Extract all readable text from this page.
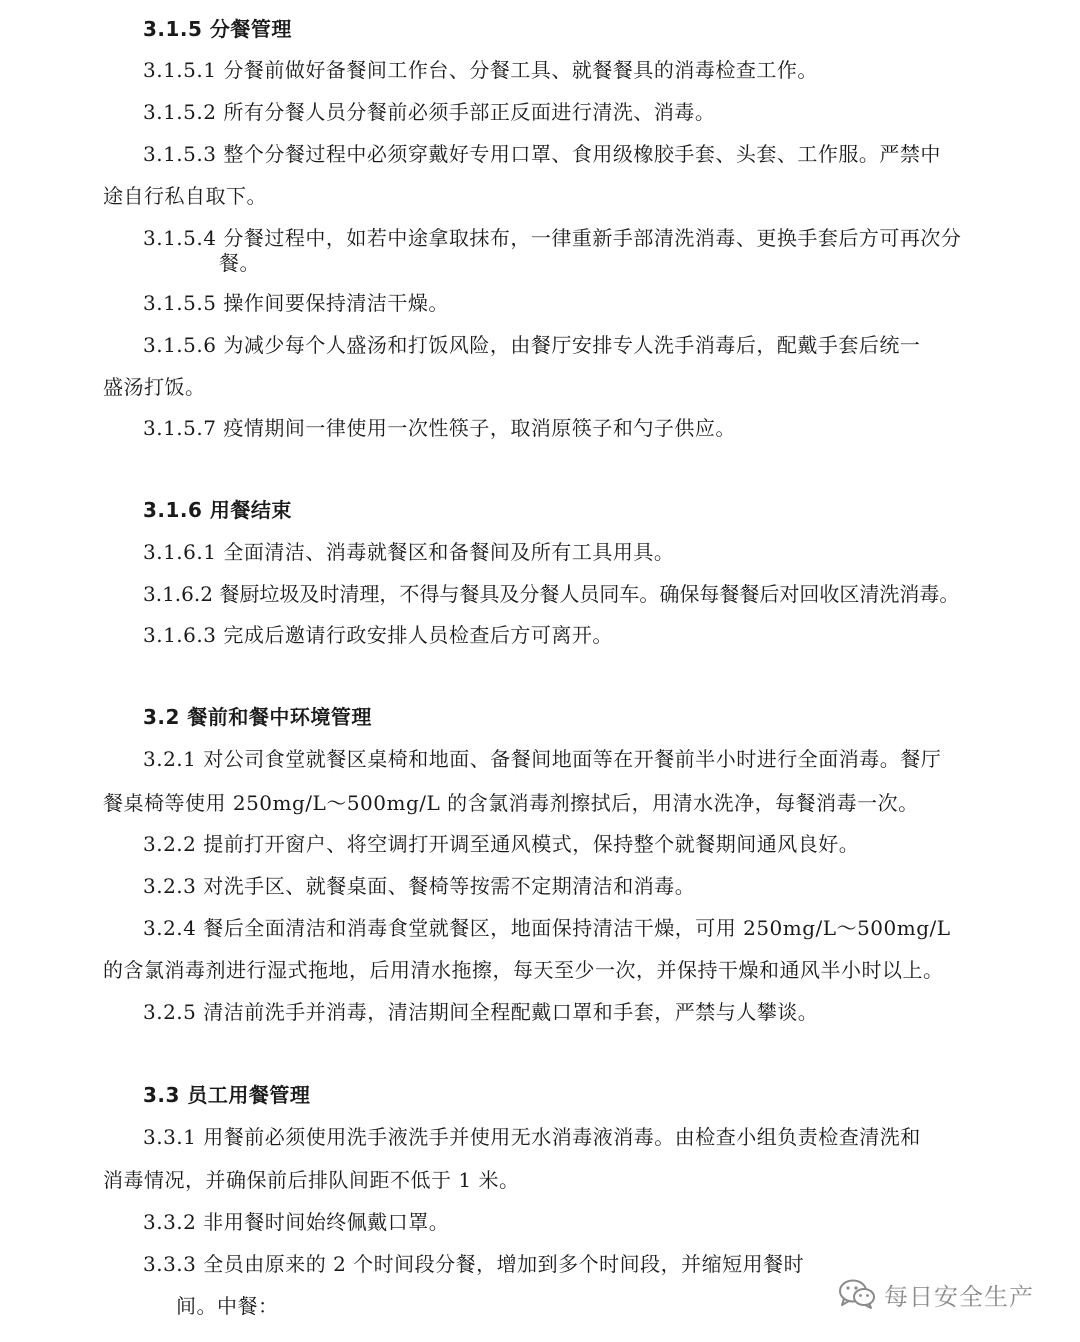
3.1.5 分餐管理
3.1.5.1 分餐前做好备餐间工作台、分餐工具、就餐餐具的消毒检查工作。
3.1.5.2 所有分餐人员分餐前必须手部正反面进行清洗、消毒。
3.1.5.3 整个分餐过程中必须穿戴好专用口罩、食用级橡胶手套、头套、工作服。严禁中
途自行私自取下。
3.1.5.4 分餐过程中，如若中途拿取抹布，一律重新手部清洗消毒、更换手套后方可再次分
餐。
3.1.5.5 操作间要保持清洁干燥。
3.1.5.6 为减少每个人盛汤和打饭风险，由餐厅安排专人洗手消毒后，配戴手套后统一
盛汤打饭。
3.1.5.7 疫情期间一律使用一次性筷子，取消原筷子和勺子供应。
3.1.6 用餐结束
3.1.6.1 全面清洁、消毒就餐区和备餐间及所有工具用具。
3.1.6.2 餐厨垃圾及时清理，不得与餐具及分餐人员同车。确保每餐餐后对回收区清洗消毒。
3.1.6.3 完成后邀请行政安排人员检查后方可离开。
3.2 餐前和餐中环境管理
3.2.1 对公司食堂就餐区桌椅和地面、备餐间地面等在开餐前半小时进行全面消毒。餐厅
餐桌椅等使用 250mg/L～500mg/L 的含氯消毒剂擦拭后，用清水洗净，每餐消毒一次。
3.2.2 提前打开窗户、将空调打开调至通风模式，保持整个就餐期间通风良好。
3.2.3 对洗手区、就餐桌面、餐椅等按需不定期清洁和消毒。
3.2.4 餐后全面清洁和消毒食堂就餐区，地面保持清洁干燥，可用 250mg/L～500mg/L
的含氯消毒剂进行湿式拖地，后用清水拖擦，每天至少一次，并保持干燥和通风半小时以上。
3.2.5 清洁前洗手并消毒，清洁期间全程配戴口罩和手套，严禁与人攀谈。
3.3 员工用餐管理
3.3.1 用餐前必须使用洗手液洗手并使用无水消毒液消毒。由检查小组负责检查清洗和
消毒情况，并确保前后排队间距不低于 1 米。
3.3.2 非用餐时间始终佩戴口罩。
3.3.3 全员由原来的 2 个时间段分餐，增加到多个时间段，并缩短用餐时
间。中餐：	每日安全生产
